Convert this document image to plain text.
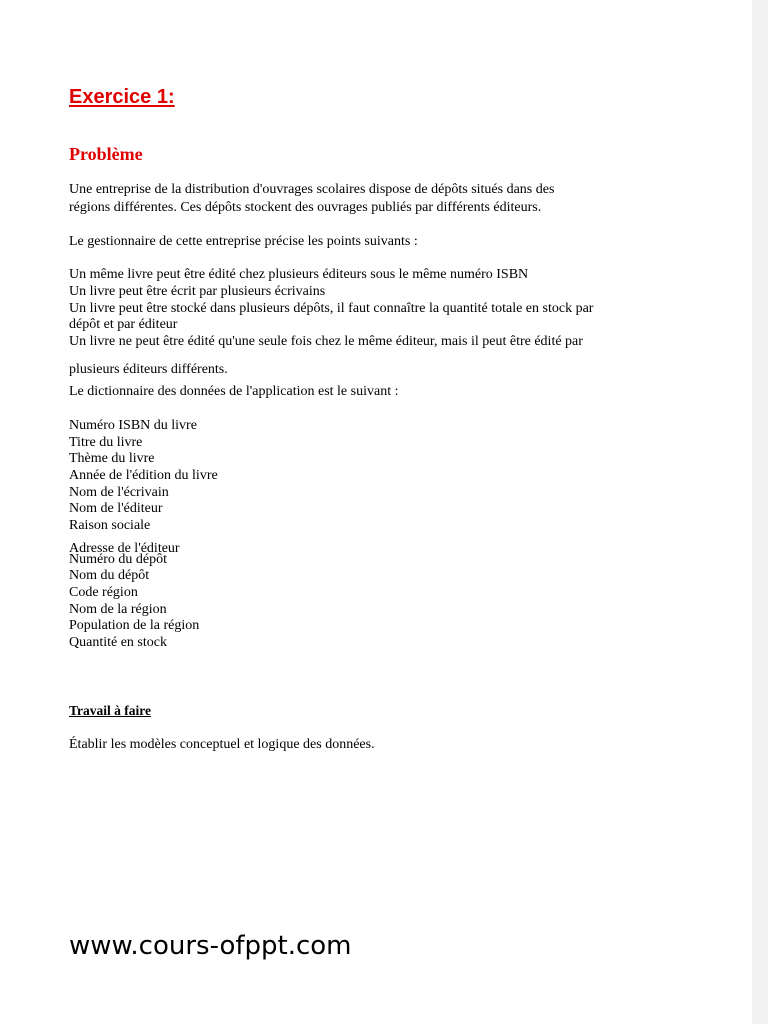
Exercice 1:
Problème

Une entreprise de la distribution d'ouvrages scolaires dispose de dépôts situés dans des

régions différentes. Ces dépôts stockent des ouvrages publiés par différents éditeurs.

Le gestionnaire de cette entreprise précise les points suivants :

Un même livre peut être édité chez plusieurs éditeurs sous le même numéro ISBN

Un livre peut être écrit par plusieurs écrivains

Un livre peut être stocké dans plusieurs dépôts, il faut connaître la quantité totale en stock par

dépôt et par éditeur

Un livre ne peut être édité qu'une seule fois chez le même éditeur, mais il peut être édité par

plusieurs éditeurs différents.

Le dictionnaire des données de l'application est le suivant :

Numéro ISBN du livre

Titre du livre

Thème du livre

Année de l'édition du livre

Nom de l'écrivain

Nom de l'éditeur

Raison sociale

Adresse de l'éditeur

Numéro du dépôt

Nom du dépôt

Code région

Nom de la région

Population de la région

Quantité en stock

Travail à faire

Établir les modèles conceptuel et logique des données.

www.cours-ofppt.com
